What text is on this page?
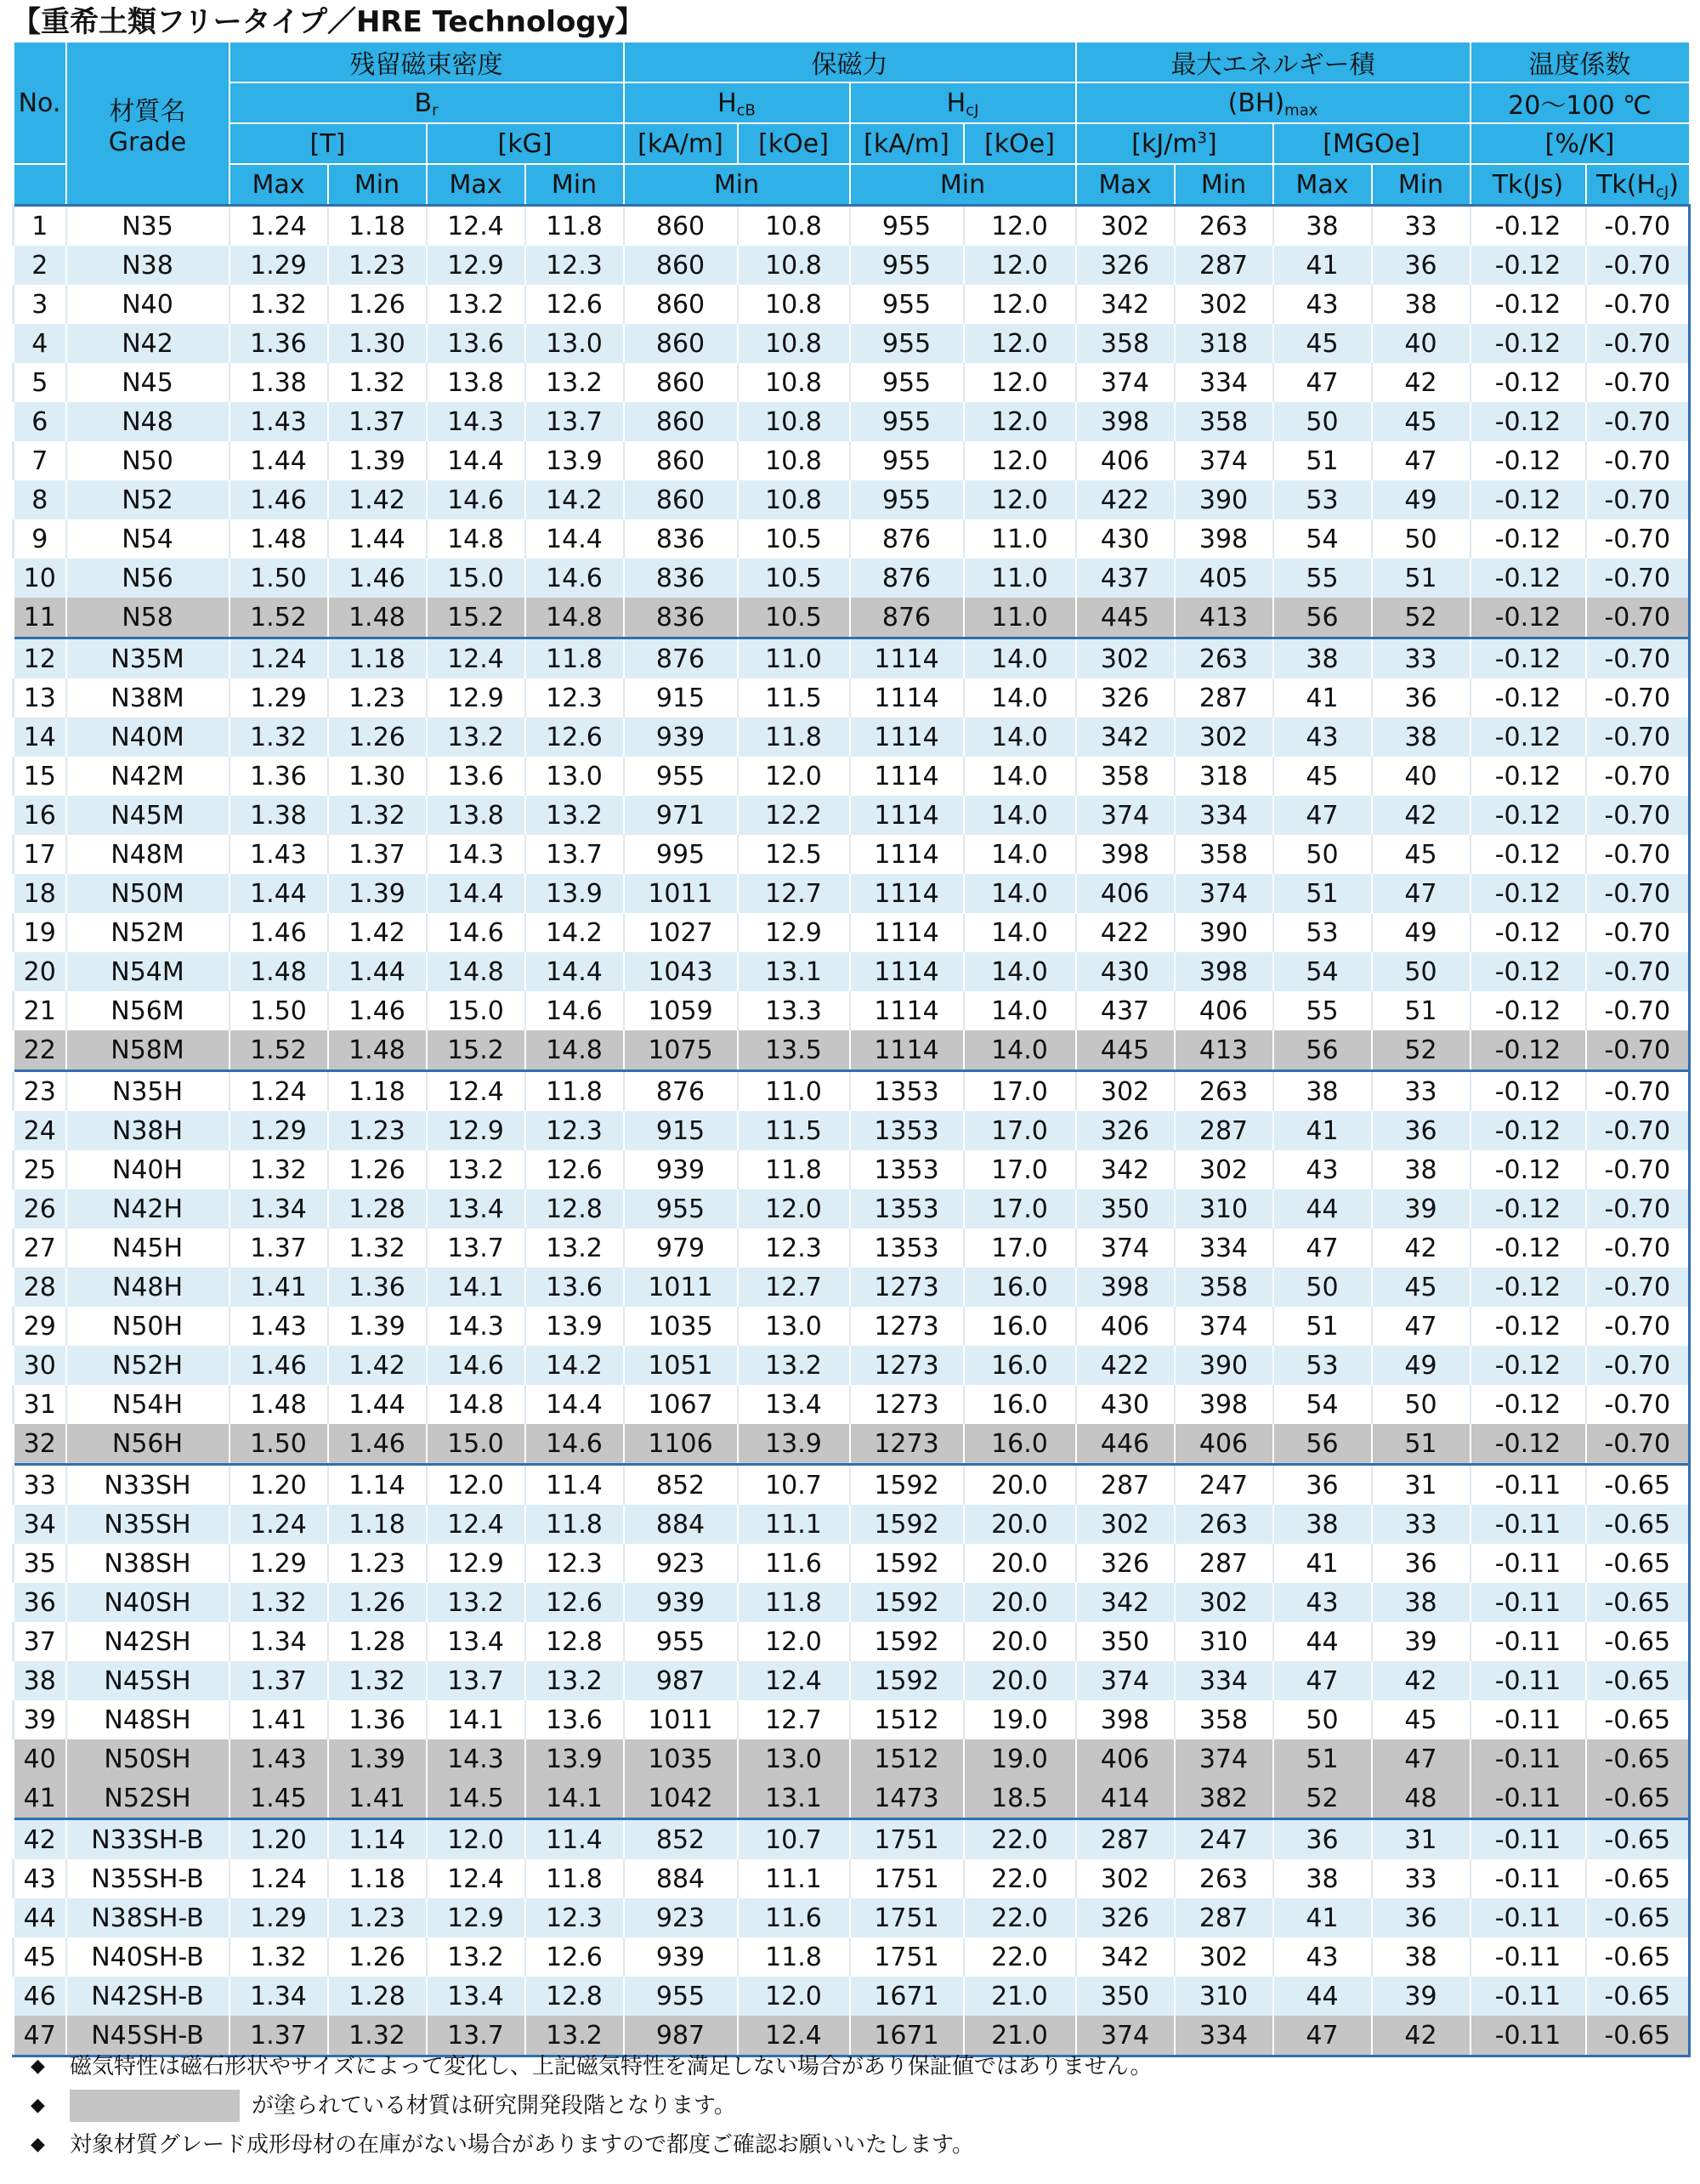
【重希土類フリータイプ／HRE Technology】
No.	材質名
Grade	残留磁束密度				保磁力				最大エネルギー積				温度係数	
		$B_r$				$H_{cB}$		$H_{cJ}$		$(BH)_{max}$				20～100 ℃	
		[T]		[kG]		[kA/m]	[kOe]	[kA/m]	[kOe]	$[kJ/m^3]$		[MGOe]		[%/K]	
		Max	Min	Max	Min	Min		Min		Max	Min	Max	Min	Tk(Js)	$Tk(H_{cJ})$
1	N35	1.24	1.18	12.4	11.8	860	10.8	955	12.0	302	263	38	33	-0.12	-0.70
2	N38	1.29	1.23	12.9	12.3	860	10.8	955	12.0	326	287	41	36	-0.12	-0.70
3	N40	1.32	1.26	13.2	12.6	860	10.8	955	12.0	342	302	43	38	-0.12	-0.70
4	N42	1.36	1.30	13.6	13.0	860	10.8	955	12.0	358	318	45	40	-0.12	-0.70
5	N45	1.38	1.32	13.8	13.2	860	10.8	955	12.0	374	334	47	42	-0.12	-0.70
6	N48	1.43	1.37	14.3	13.7	860	10.8	955	12.0	398	358	50	45	-0.12	-0.70
7	N50	1.44	1.39	14.4	13.9	860	10.8	955	12.0	406	374	51	47	-0.12	-0.70
8	N52	1.46	1.42	14.6	14.2	860	10.8	955	12.0	422	390	53	49	-0.12	-0.70
9	N54	1.48	1.44	14.8	14.4	836	10.5	876	11.0	430	398	54	50	-0.12	-0.70
10	N56	1.50	1.46	15.0	14.6	836	10.5	876	11.0	437	405	55	51	-0.12	-0.70
11	N58	1.52	1.48	15.2	14.8	836	10.5	876	11.0	445	413	56	52	-0.12	-0.70
12	N35M	1.24	1.18	12.4	11.8	876	11.0	1114	14.0	302	263	38	33	-0.12	-0.70
13	N38M	1.29	1.23	12.9	12.3	915	11.5	1114	14.0	326	287	41	36	-0.12	-0.70
14	N40M	1.32	1.26	13.2	12.6	939	11.8	1114	14.0	342	302	43	38	-0.12	-0.70
15	N42M	1.36	1.30	13.6	13.0	955	12.0	1114	14.0	358	318	45	40	-0.12	-0.70
16	N45M	1.38	1.32	13.8	13.2	971	12.2	1114	14.0	374	334	47	42	-0.12	-0.70
17	N48M	1.43	1.37	14.3	13.7	995	12.5	1114	14.0	398	358	50	45	-0.12	-0.70
18	N50M	1.44	1.39	14.4	13.9	1011	12.7	1114	14.0	406	374	51	47	-0.12	-0.70
19	N52M	1.46	1.42	14.6	14.2	1027	12.9	1114	14.0	422	390	53	49	-0.12	-0.70
20	N54M	1.48	1.44	14.8	14.4	1043	13.1	1114	14.0	430	398	54	50	-0.12	-0.70
21	N56M	1.50	1.46	15.0	14.6	1059	13.3	1114	14.0	437	406	55	51	-0.12	-0.70
22	N58M	1.52	1.48	15.2	14.8	1075	13.5	1114	14.0	445	413	56	52	-0.12	-0.70
23	N35H	1.24	1.18	12.4	11.8	876	11.0	1353	17.0	302	263	38	33	-0.12	-0.70
24	N38H	1.29	1.23	12.9	12.3	915	11.5	1353	17.0	326	287	41	36	-0.12	-0.70
25	N40H	1.32	1.26	13.2	12.6	939	11.8	1353	17.0	342	302	43	38	-0.12	-0.70
26	N42H	1.34	1.28	13.4	12.8	955	12.0	1353	17.0	350	310	44	39	-0.12	-0.70
27	N45H	1.37	1.32	13.7	13.2	979	12.3	1353	17.0	374	334	47	42	-0.12	-0.70
28	N48H	1.41	1.36	14.1	13.6	1011	12.7	1273	16.0	398	358	50	45	-0.12	-0.70
29	N50H	1.43	1.39	14.3	13.9	1035	13.0	1273	16.0	406	374	51	47	-0.12	-0.70
30	N52H	1.46	1.42	14.6	14.2	1051	13.2	1273	16.0	422	390	53	49	-0.12	-0.70
31	N54H	1.48	1.44	14.8	14.4	1067	13.4	1273	16.0	430	398	54	50	-0.12	-0.70
32	N56H	1.50	1.46	15.0	14.6	1106	13.9	1273	16.0	446	406	56	51	-0.12	-0.70
33	N33SH	1.20	1.14	12.0	11.4	852	10.7	1592	20.0	287	247	36	31	-0.11	-0.65
34	N35SH	1.24	1.18	12.4	11.8	884	11.1	1592	20.0	302	263	38	33	-0.11	-0.65
35	N38SH	1.29	1.23	12.9	12.3	923	11.6	1592	20.0	326	287	41	36	-0.11	-0.65
36	N40SH	1.32	1.26	13.2	12.6	939	11.8	1592	20.0	342	302	43	38	-0.11	-0.65
37	N42SH	1.34	1.28	13.4	12.8	955	12.0	1592	20.0	350	310	44	39	-0.11	-0.65
38	N45SH	1.37	1.32	13.7	13.2	987	12.4	1592	20.0	374	334	47	42	-0.11	-0.65
39	N48SH	1.41	1.36	14.1	13.6	1011	12.7	1512	19.0	398	358	50	45	-0.11	-0.65
40	N50SH	1.43	1.39	14.3	13.9	1035	13.0	1512	19.0	406	374	51	47	-0.11	-0.65
41	N52SH	1.45	1.41	14.5	14.1	1042	13.1	1473	18.5	414	382	52	48	-0.11	-0.65
42	N33SH-B	1.20	1.14	12.0	11.4	852	10.7	1751	22.0	287	247	36	31	-0.11	-0.65
43	N35SH-B	1.24	1.18	12.4	11.8	884	11.1	1751	22.0	302	263	38	33	-0.11	-0.65
44	N38SH-B	1.29	1.23	12.9	12.3	923	11.6	1751	22.0	326	287	41	36	-0.11	-0.65
45	N40SH-B	1.32	1.26	13.2	12.6	939	11.8	1751	22.0	342	302	43	38	-0.11	-0.65
46	N42SH-B	1.34	1.28	13.4	12.8	955	12.0	1671	21.0	350	310	44	39	-0.11	-0.65
47	N45SH-B	1.37	1.32	13.7	13.2	987	12.4	1671	21.0	374	334	47	42	-0.11	-0.65
◆	磁気特性は磁石形状やサイズによって変化し、上記磁気特性を満足しない場合があり保証値ではありません。
◆	が塗られている材質は研究開発段階となります。
◆	対象材質グレード成形母材の在庫がない場合がありますので都度ご確認お願いいたします。
